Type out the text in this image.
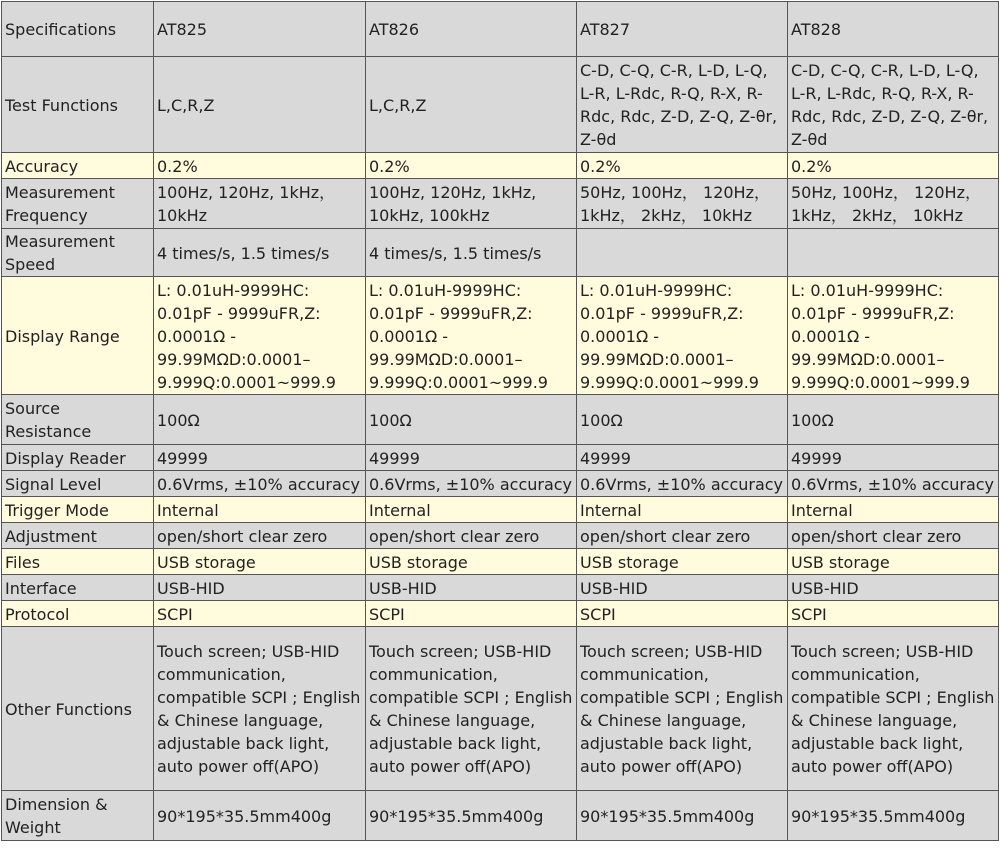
Specifications	AT825	AT826	AT827	AT828
Test Functions	L,C,R,Z	L,C,R,Z	C-D, C-Q, C-R, L-D, L-Q, L-R, L-Rdc, R-Q, R-X, R-Rdc, Rdc, Z-D, Z-Q, Z-θr, Z-θd	C-D, C-Q, C-R, L-D, L-Q, L-R, L-Rdc, R-Q, R-X, R-Rdc, Rdc, Z-D, Z-Q, Z-θr, Z-θd
Accuracy	0.2%	0.2%	0.2%	0.2%
Measurement Frequency	100Hz, 120Hz, 1kHz，10kHz	100Hz, 120Hz, 1kHz, 10kHz, 100kHz	50Hz, 100Hz， 120Hz， 1kHz， 2kHz， 10kHz	50Hz, 100Hz， 120Hz， 1kHz， 2kHz， 10kHz
Measurement Speed	4 times/s, 1.5 times/s	4 times/s, 1.5 times/s		
Display Range	L: 0.01uH-9999HC: 0.01pF - 9999uFR,Z: 0.0001Ω - 99.99MΩD:0.0001–9.999Q:0.0001~999.9	L: 0.01uH-9999HC: 0.01pF - 9999uFR,Z: 0.0001Ω - 99.99MΩD:0.0001–9.999Q:0.0001~999.9	L: 0.01uH-9999HC: 0.01pF - 9999uFR,Z: 0.0001Ω - 99.99MΩD:0.0001–9.999Q:0.0001~999.9	L: 0.01uH-9999HC: 0.01pF - 9999uFR,Z: 0.0001Ω - 99.99MΩD:0.0001–9.999Q:0.0001~999.9
Source Resistance	100Ω	100Ω	100Ω	100Ω
Display Reader	49999	49999	49999	49999
Signal Level	0.6Vrms, ±10% accuracy	0.6Vrms, ±10% accuracy	0.6Vrms, ±10% accuracy	0.6Vrms, ±10% accuracy
Trigger Mode	Internal	Internal	Internal	Internal
Adjustment	open/short clear zero	open/short clear zero	open/short clear zero	open/short clear zero
Files	USB storage	USB storage	USB storage	USB storage
Interface	USB-HID	USB-HID	USB-HID	USB-HID
Protocol	SCPI	SCPI	SCPI	SCPI
Other Functions	Touch screen; USB-HID communication, compatible SCPI ; English & Chinese language, adjustable back light, auto power off(APO)	Touch screen; USB-HID communication, compatible SCPI ; English & Chinese language, adjustable back light, auto power off(APO)	Touch screen; USB-HID communication, compatible SCPI ; English & Chinese language, adjustable back light, auto power off(APO)	Touch screen; USB-HID communication, compatible SCPI ; English & Chinese language, adjustable back light, auto power off(APO)
Dimension & Weight	90*195*35.5mm400g	90*195*35.5mm400g	90*195*35.5mm400g	90*195*35.5mm400g
